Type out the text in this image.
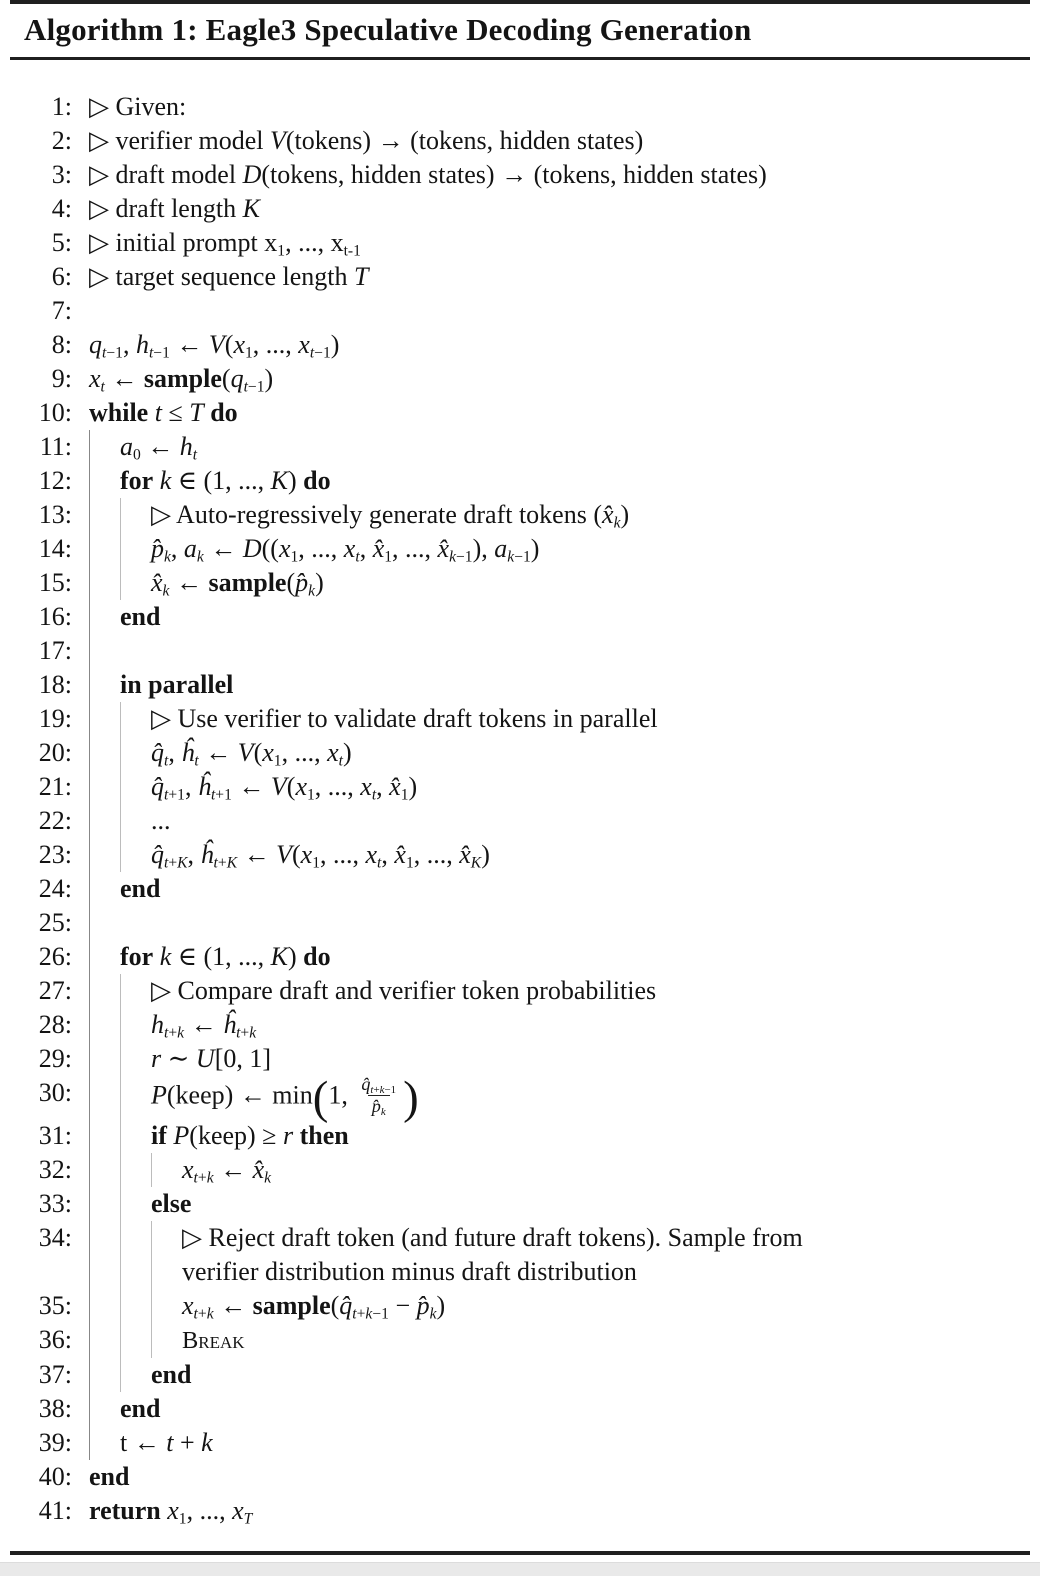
Algorithm 1: Eagle3 Speculative Decoding Generation
1: ▷ Given:
2: ▷ verifier model V(tokens) → (tokens, hidden states)
3: ▷ draft model D(tokens, hidden states) → (tokens, hidden states)
4: ▷ draft length K
5: ▷ initial prompt $x_1$, ..., $x_{t-1}$
6: ▷ target sequence length T
7:
8: $q_{t-1}$, $h_{t-1}$ ← $V(x_1$, ..., $x_{t-1}$)
9: $x_t$ ← $sample(q_{t-1})$
10: while t ≤ T do
11: $a_0$ ← $h_t$
12: for k ∈ (1, ..., K) do
13:	▷ Auto-regressively generate draft tokens $(x̂_k)$
14:	$p̂_k$, $a_k$ ← $D((x_1$, ..., $x_t$, $x̂_1$, ..., $x̂_{k-1}$), $a_{k-1}$)
15:	$x̂_k$ ← $sample(p̂_k)$
16: end
17:
18: in parallel
19:	▷ Use verifier to validate draft tokens in parallel
20:	$q̂_t$, $ĥ_t$ ← $V(x_1$, ..., $x_t$)
21:	$q̂_{t+1}$, $ĥ_{t+1}$ ← $V(x_1$, ..., $x_t$, $x̂_1$)
22:	...
23:	$q̂_{t+K}$, $ĥ_{t+K}$ ← $V(x_1$, ..., $x_t$, $x̂_1$, ..., $x̂_K$)
24: end
25:
26: for k ∈ (1, ..., K) do
27:	▷ Compare draft and verifier token probabilities
28:	$h_{t+k}$ ← $ĥ_{t+k}$
29:	r ∼ U[0, 1]
30:	P(keep) ← min(1, $\frac{q̂_{t+k-1}}{p̂_k}$ )
31:	if P(keep) ≥ r then
32:	$x_{t+k}$ ← $x̂_k$
33:	else
34:	▷ Reject draft token (and future draft tokens). Sample from
verifier distribution minus draft distribution
35:	$x_{t+k}$ ← $sample(q̂_{t+k-1}$ − $p̂_k$)
36:	Break
37:	end
38: end
39: t ← t + k
40: end
41: return $x_1$, ..., $x_T$
